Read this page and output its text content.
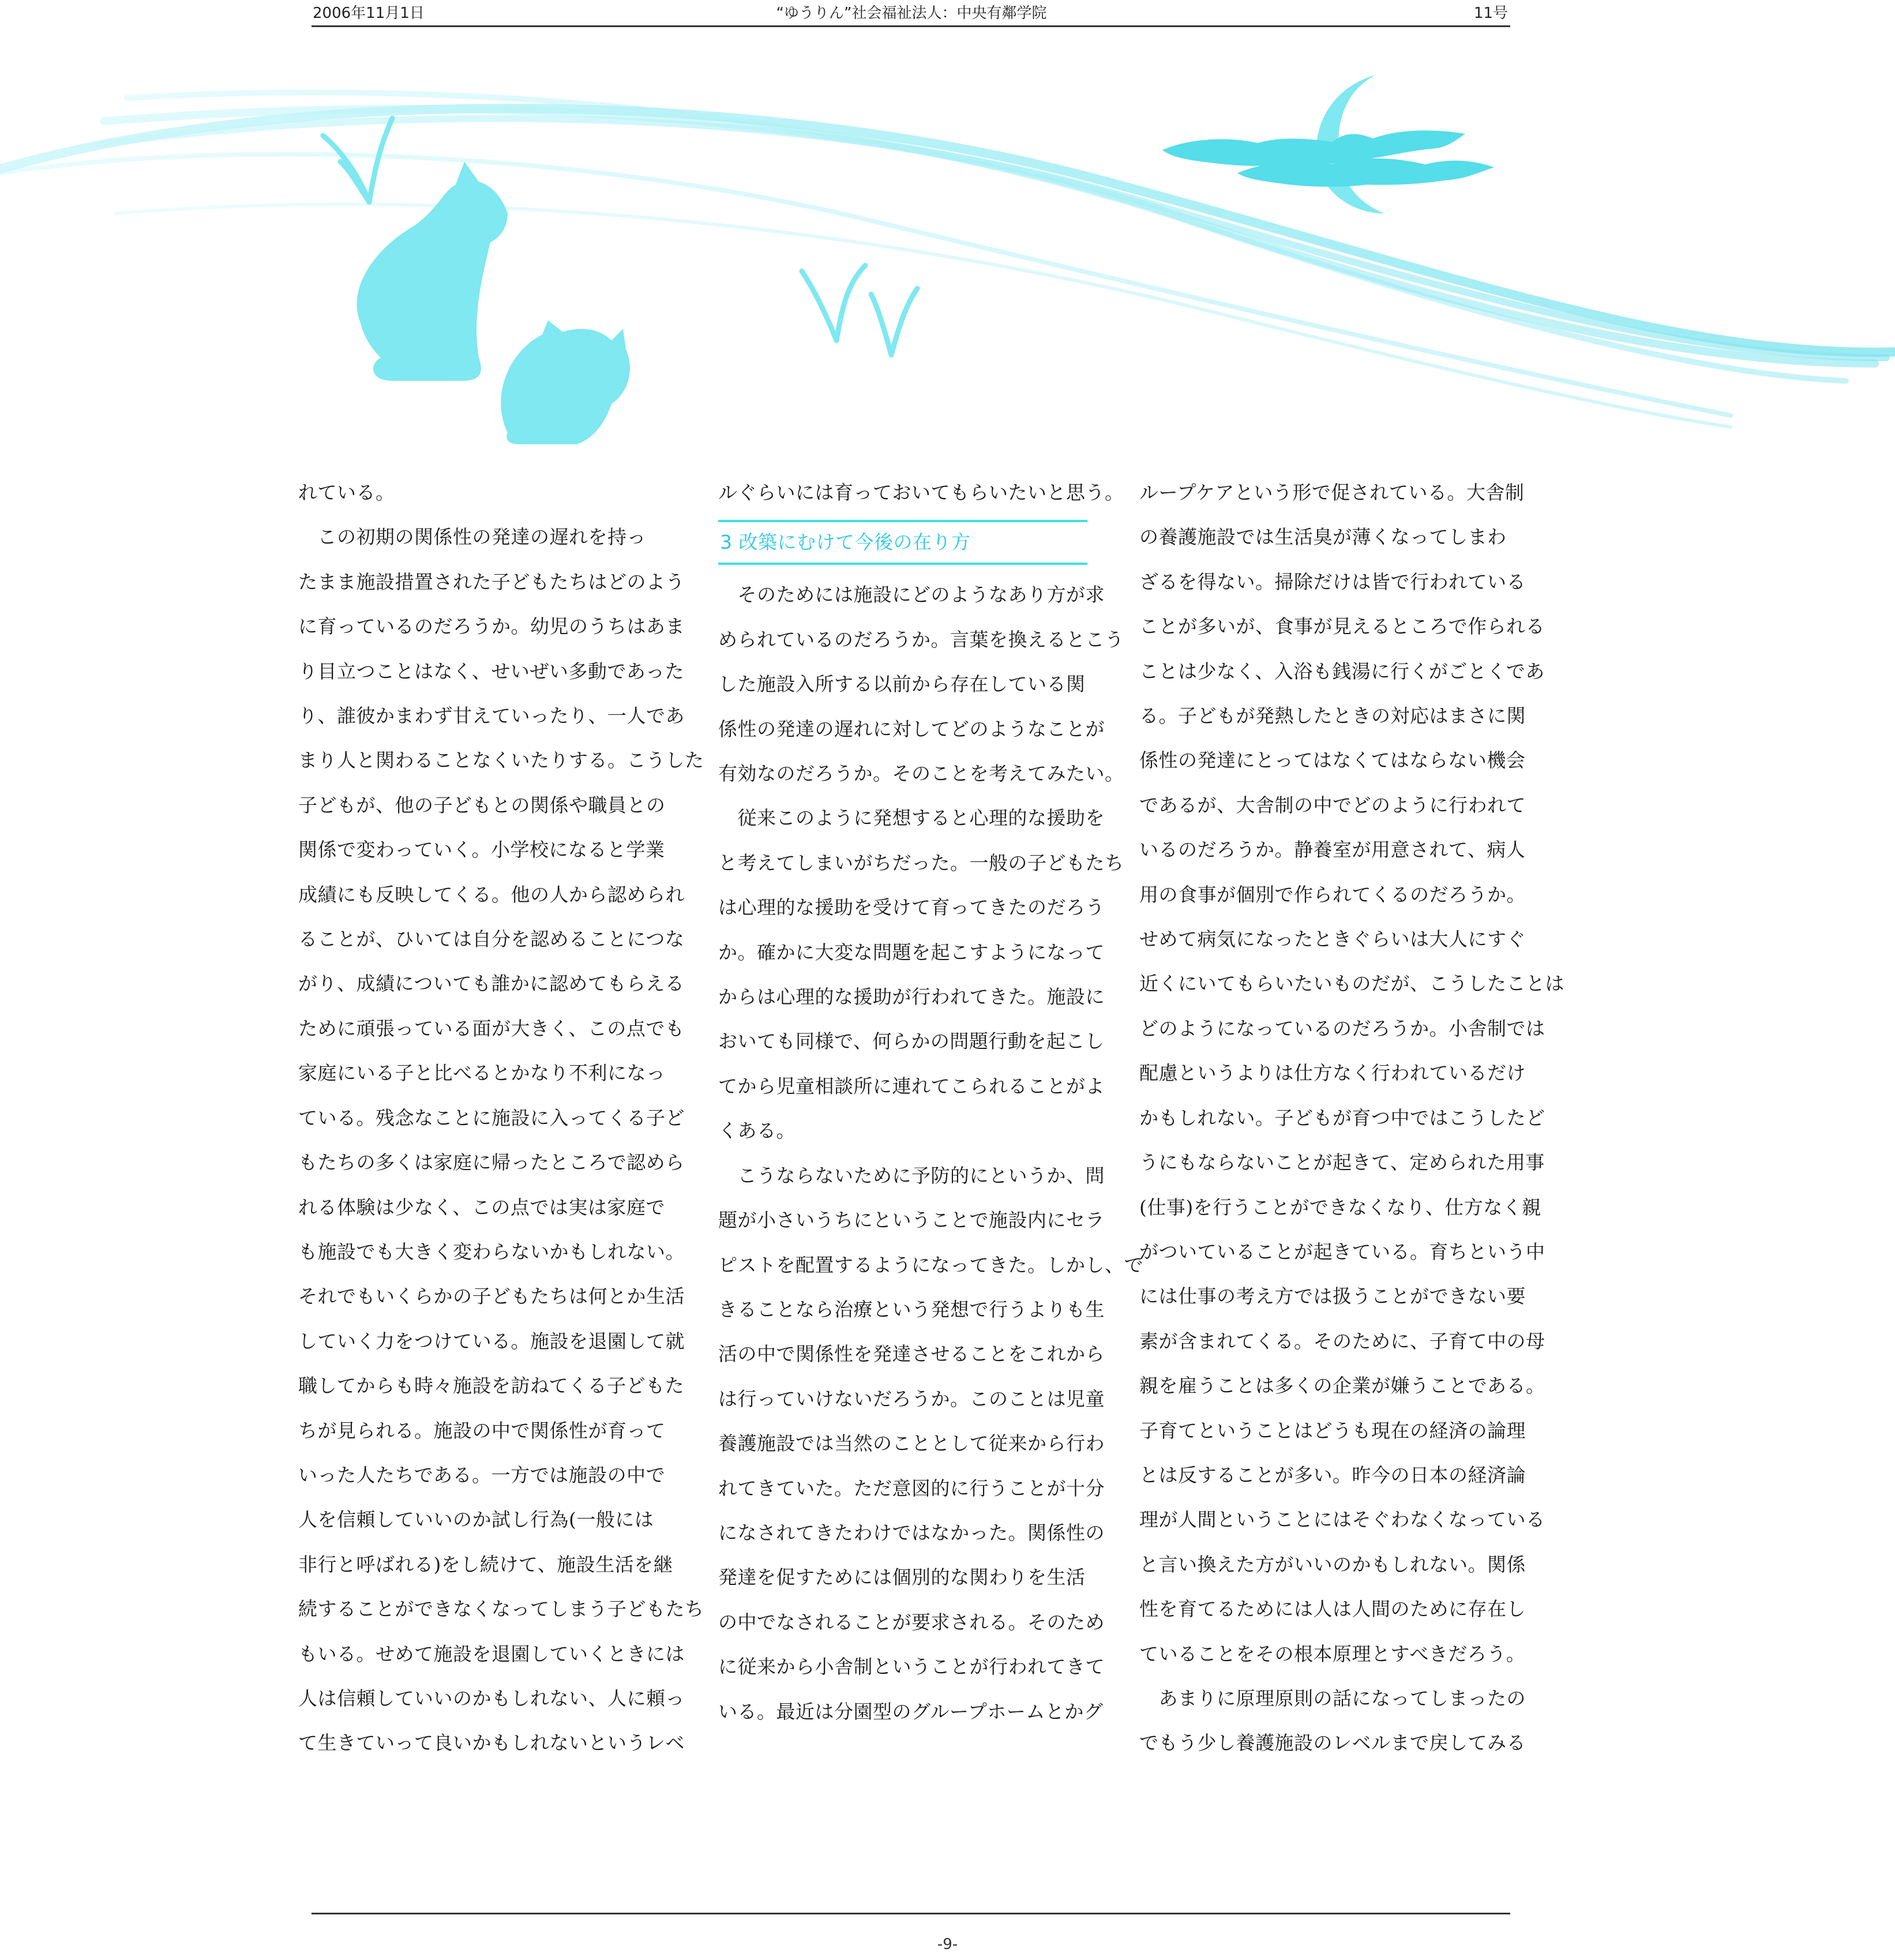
2006年11月1日	“ゆうりん”社会福祉法人：中央有鄰学院	11号

れている。

　この初期の関係性の発達の遅れを持っ

たまま施設措置された子どもたちはどのよう

に育っているのだろうか。幼児のうちはあま

り目立つことはなく、せいぜい多動であった

り、誰彼かまわず甘えていったり、一人であ

まり人と関わることなくいたりする。こうした

子どもが、他の子どもとの関係や職員との

関係で変わっていく。小学校になると学業

成績にも反映してくる。他の人から認められ

ることが、ひいては自分を認めることにつな

がり、成績についても誰かに認めてもらえる

ために頑張っている面が大きく、この点でも

家庭にいる子と比べるとかなり不利になっ

ている。残念なことに施設に入ってくる子ど

もたちの多くは家庭に帰ったところで認めら

れる体験は少なく、この点では実は家庭で

も施設でも大きく変わらないかもしれない。

それでもいくらかの子どもたちは何とか生活

していく力をつけている。施設を退園して就

職してからも時々施設を訪ねてくる子どもた

ちが見られる。施設の中で関係性が育って

いった人たちである。一方では施設の中で

人を信頼していいのか試し行為(一般には

非行と呼ばれる)をし続けて、施設生活を継

続することができなくなってしまう子どもたち

もいる。せめて施設を退園していくときには

人は信頼していいのかもしれない、人に頼っ

て生きていって良いかもしれないというレベ

ルぐらいには育っておいてもらいたいと思う。

3 改築にむけて今後の在り方

　そのためには施設にどのようなあり方が求

められているのだろうか。言葉を換えるとこう

した施設入所する以前から存在している関

係性の発達の遅れに対してどのようなことが

有効なのだろうか。そのことを考えてみたい。

　従来このように発想すると心理的な援助を

と考えてしまいがちだった。一般の子どもたち

は心理的な援助を受けて育ってきたのだろう

か。確かに大変な問題を起こすようになって

からは心理的な援助が行われてきた。施設に

おいても同様で、何らかの問題行動を起こし

てから児童相談所に連れてこられることがよ

くある。

　こうならないために予防的にというか、問

題が小さいうちにということで施設内にセラ

ピストを配置するようになってきた。しかし、で

きることなら治療という発想で行うよりも生

活の中で関係性を発達させることをこれから

は行っていけないだろうか。このことは児童

養護施設では当然のこととして従来から行わ

れてきていた。ただ意図的に行うことが十分

になされてきたわけではなかった。関係性の

発達を促すためには個別的な関わりを生活

の中でなされることが要求される。そのため

に従来から小舎制ということが行われてきて

いる。最近は分園型のグループホームとかグ

ループケアという形で促されている。大舎制

の養護施設では生活臭が薄くなってしまわ

ざるを得ない。掃除だけは皆で行われている

ことが多いが、食事が見えるところで作られる

ことは少なく、入浴も銭湯に行くがごとくであ

る。子どもが発熱したときの対応はまさに関

係性の発達にとってはなくてはならない機会

であるが、大舎制の中でどのように行われて

いるのだろうか。静養室が用意されて、病人

用の食事が個別で作られてくるのだろうか。

せめて病気になったときぐらいは大人にすぐ

近くにいてもらいたいものだが、こうしたことは

どのようになっているのだろうか。小舎制では

配慮というよりは仕方なく行われているだけ

かもしれない。子どもが育つ中ではこうしたど

うにもならないことが起きて、定められた用事

(仕事)を行うことができなくなり、仕方なく親

がついていることが起きている。育ちという中

には仕事の考え方では扱うことができない要

素が含まれてくる。そのために、子育て中の母

親を雇うことは多くの企業が嫌うことである。

子育てということはどうも現在の経済の論理

とは反することが多い。昨今の日本の経済論

理が人間ということにはそぐわなくなっている

と言い換えた方がいいのかもしれない。関係

性を育てるためには人は人間のために存在し

ていることをその根本原理とすべきだろう。

　あまりに原理原則の話になってしまったの

でもう少し養護施設のレベルまで戻してみる

-9-
